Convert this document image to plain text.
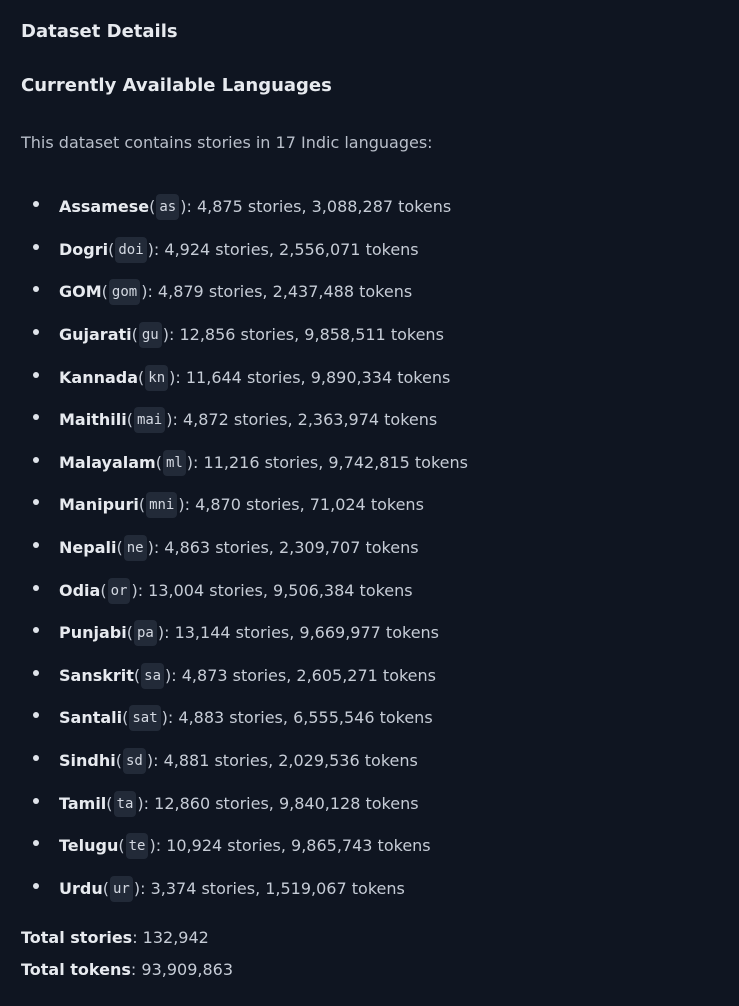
Dataset Details
Currently Available Languages

This dataset contains stories in 17 Indic languages:

Assamese ( as ) : 4,875 stories, 3,088,287 tokens
Dogri ( doi ) : 4,924 stories, 2,556,071 tokens
GOM ( gom ) : 4,879 stories, 2,437,488 tokens
Gujarati ( gu ) : 12,856 stories, 9,858,511 tokens
Kannada ( kn ) : 11,644 stories, 9,890,334 tokens
Maithili ( mai ) : 4,872 stories, 2,363,974 tokens
Malayalam ( ml ) : 11,216 stories, 9,742,815 tokens
Manipuri ( mni ) : 4,870 stories, 71,024 tokens
Nepali ( ne ) : 4,863 stories, 2,309,707 tokens
Odia ( or ) : 13,004 stories, 9,506,384 tokens
Punjabi ( pa ) : 13,144 stories, 9,669,977 tokens
Sanskrit ( sa ) : 4,873 stories, 2,605,271 tokens
Santali ( sat ) : 4,883 stories, 6,555,546 tokens
Sindhi ( sd ) : 4,881 stories, 2,029,536 tokens
Tamil ( ta ) : 12,860 stories, 9,840,128 tokens
Telugu ( te ) : 10,924 stories, 9,865,743 tokens
Urdu ( ur ) : 3,374 stories, 1,519,067 tokens

Total stories: 132,942

Total tokens: 93,909,863
